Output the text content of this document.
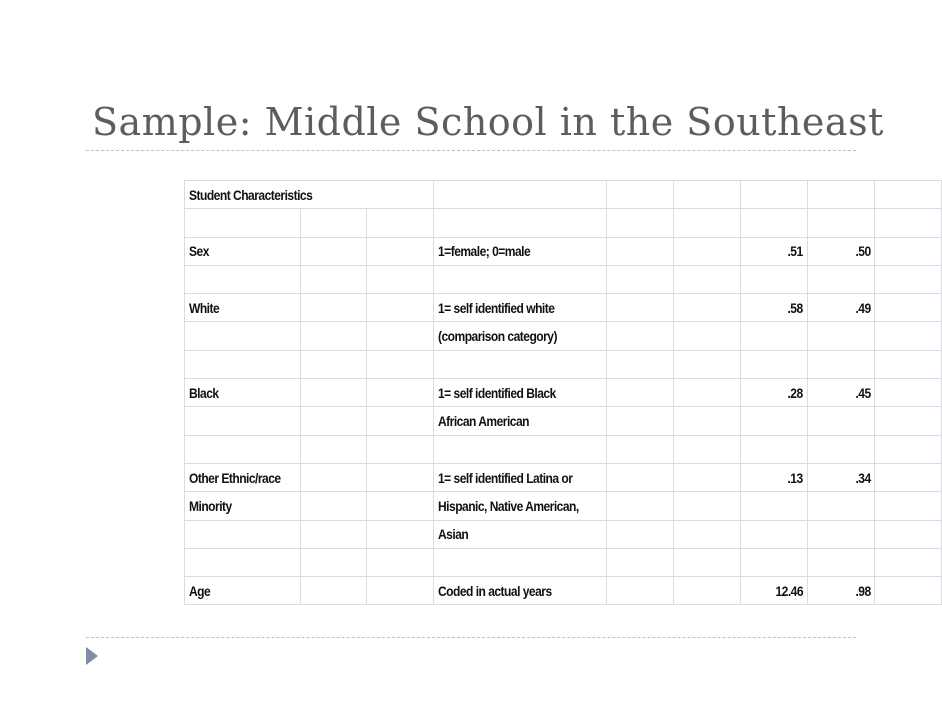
Sample: Middle School in the Southeast
Student Characteristics								

Sex			1=female; 0=male			.51	.50	

White			1= self identified white			.58	.49	
			(comparison category)					

Black			1= self identified Black			.28	.45	
			African American					

Other Ethnic/race			1= self identified Latina or			.13	.34	
Minority			Hispanic, Native American,					
			Asian					

Age			Coded in actual years			12.46	.98	
